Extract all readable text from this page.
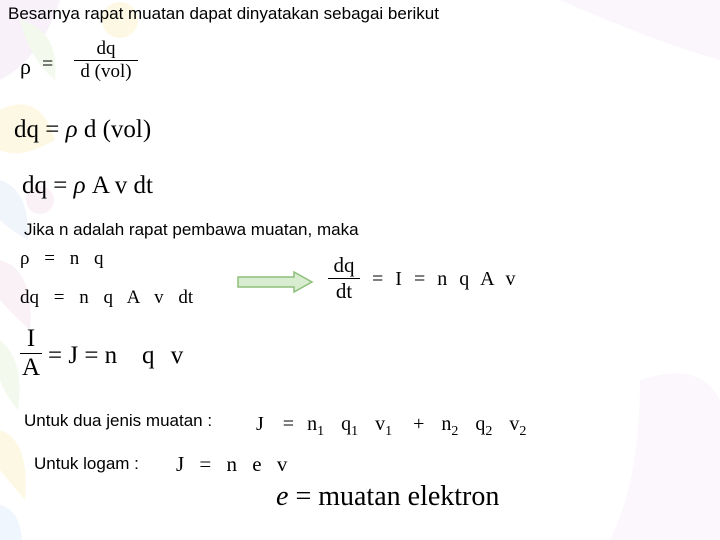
Besarnya rapat muatan dapat dinyatakan sebagai berikut
ρ =
dq
d (vol)
dq = ρ d (vol)
dq = ρ A v dt
Jika n adalah rapat pembawa muatan, maka
ρ = n q
dq = n q A v dt
dq
dt = I = n q A v
I
A = J = n q v
Untuk dua jenis muatan : $J = n_1$ $q_1$ $v_1 + n_2$ $q_2$ $v_2$
Untuk logam : J = n e v
e = muatan elektron
